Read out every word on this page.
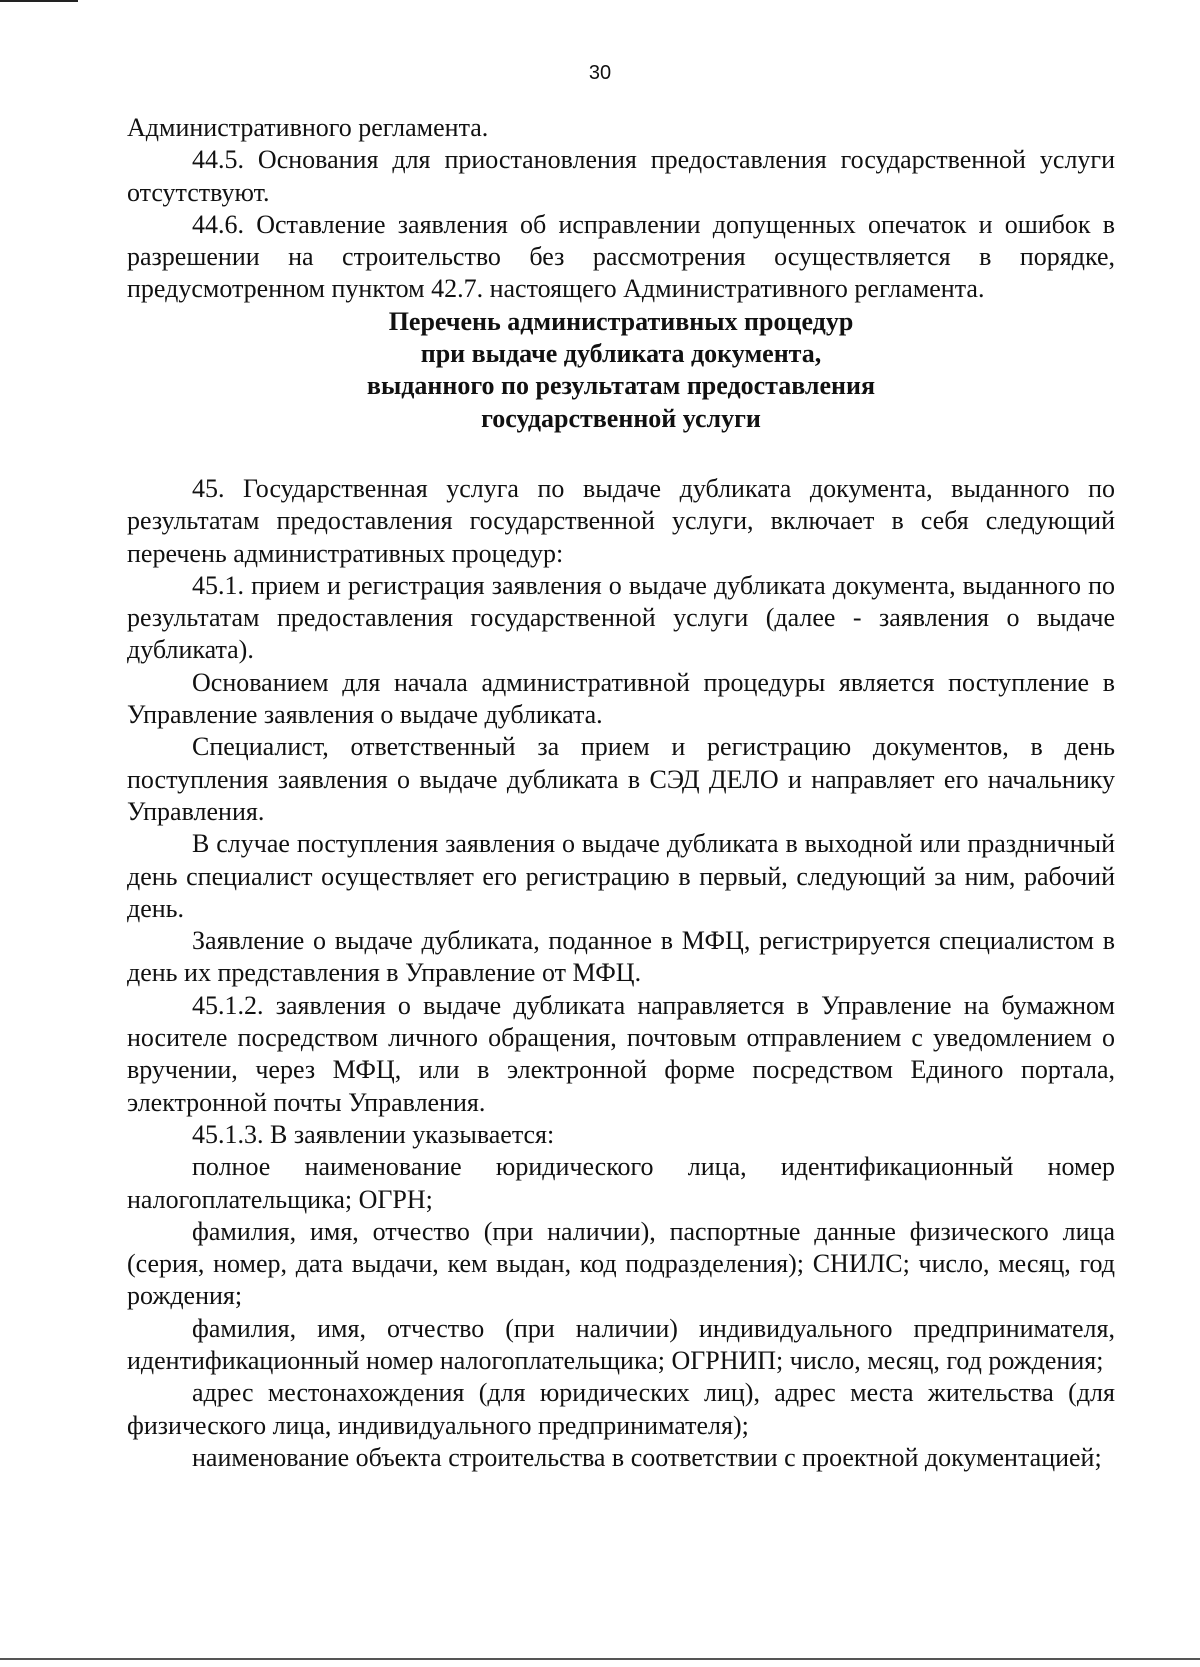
30

Административного регламента.

44.5. Основания для приостановления предоставления государственной услуги отсутствуют.

44.6. Оставление заявления об исправлении допущенных опечаток и ошибок в разрешении на строительство без рассмотрения осуществляется в порядке, предусмотренном пунктом 42.7. настоящего Административного регламента.

Перечень административных процедур
при выдаче дубликата документа,
выданного по результатам предоставления
государственной услуги

45. Государственная услуга по выдаче дубликата документа, выданного по результатам предоставления государственной услуги, включает в себя следующий перечень административных процедур:

45.1. прием и регистрация заявления о выдаче дубликата документа, выданного по результатам предоставления государственной услуги (далее - заявления о выдаче дубликата).

Основанием для начала административной процедуры является поступление в Управление заявления о выдаче дубликата.

Специалист, ответственный за прием и регистрацию документов, в день поступления заявления о выдаче дубликата в СЭД ДЕЛО и направляет его начальнику Управления.

В случае поступления заявления о выдаче дубликата в выходной или праздничный день специалист осуществляет его регистрацию в первый, следующий за ним, рабочий день.

Заявление о выдаче дубликата, поданное в МФЦ, регистрируется специалистом в день их представления в Управление от МФЦ.

45.1.2. заявления о выдаче дубликата направляется в Управление на бумажном носителе посредством личного обращения, почтовым отправлением с уведомлением о вручении, через МФЦ, или в электронной форме посредством Единого портала, электронной почты Управления.

45.1.3. В заявлении указывается:

полное наименование юридического лица, идентификационный номер налогоплательщика; ОГРН;

фамилия, имя, отчество (при наличии), паспортные данные физического лица (серия, номер, дата выдачи, кем выдан, код подразделения); СНИЛС; число, месяц, год рождения;

фамилия, имя, отчество (при наличии) индивидуального предпринимателя, идентификационный номер налогоплательщика; ОГРНИП; число, месяц, год рождения;

адрес местонахождения (для юридических лиц), адрес места жительства (для физического лица, индивидуального предпринимателя);

наименование объекта строительства в соответствии с проектной документацией;
